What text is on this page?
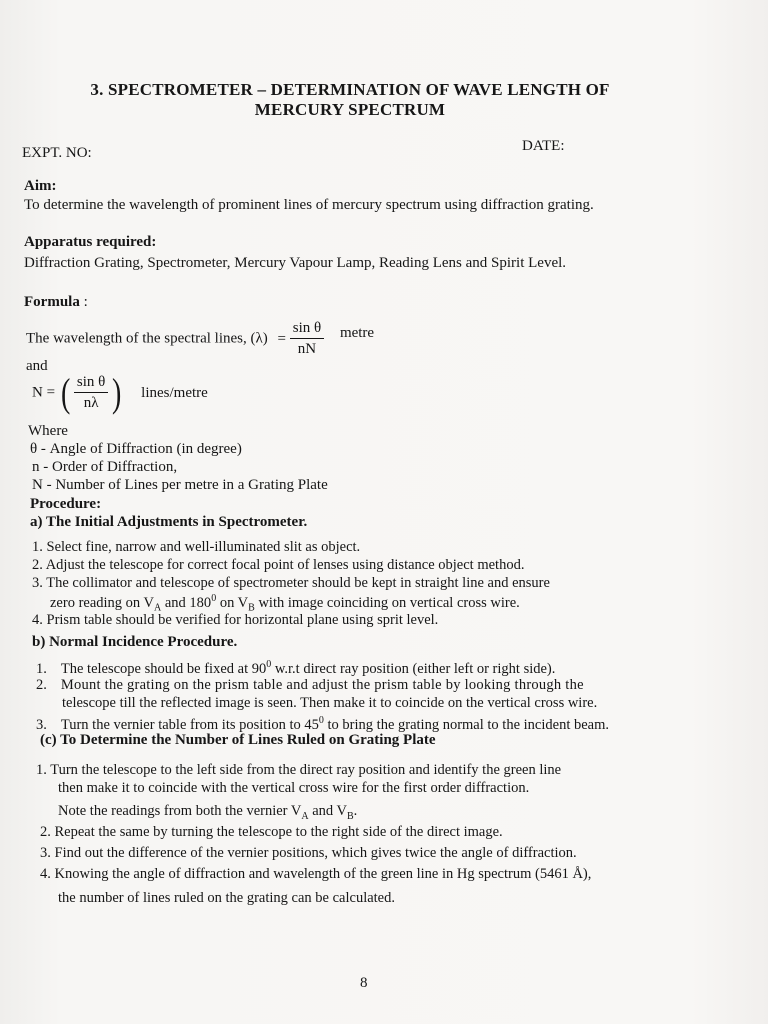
3. SPECTROMETER – DETERMINATION OF WAVE LENGTH OF
MERCURY SPECTRUM
EXPT. NO:	DATE:
Aim:
To determine the wavelength of prominent lines of mercury spectrum using diffraction grating.
Apparatus required:
Diffraction Grating, Spectrometer, Mercury Vapour Lamp, Reading Lens and Spirit Level.
Formula :
The wavelength of the spectral lines, $(\lambda) = \frac{\text{sin θ}}{nN}$ metre
and
N = ( $\frac{\text{sin θ}}{n\lambda}$ ) lines/metre
Where
θ - Angle of Diffraction (in degree)
n - Order of Diffraction,
N - Number of Lines per metre in a Grating Plate
Procedure:
a) The Initial Adjustments in Spectrometer.
1. Select fine, narrow and well-illuminated slit as object.
2. Adjust the telescope for correct focal point of lenses using distance object method.
3. The collimator and telescope of spectrometer should be kept in straight line and ensure
zero reading on $V_A$ and $180^0$ on $V_B$ with image coinciding on vertical cross wire.
4. Prism table should be verified for horizontal plane using sprit level.
b) Normal Incidence Procedure.
1. The telescope should be fixed at $90^0$ w.r.t direct ray position (either left or right side).
2. Mount the grating on the prism table and adjust the prism table by looking through the
telescope till the reflected image is seen. Then make it to coincide on the vertical cross wire.
3. Turn the vernier table from its position to $45^0$ to bring the grating normal to the incident beam.
(c) To Determine the Number of Lines Ruled on Grating Plate
1. Turn the telescope to the left side from the direct ray position and identify the green line
then make it to coincide with the vertical cross wire for the first order diffraction.
Note the readings from both the vernier $V_A$ and $V_B$.
2. Repeat the same by turning the telescope to the right side of the direct image.
3. Find out the difference of the vernier positions, which gives twice the angle of diffraction.
4. Knowing the angle of diffraction and wavelength of the green line in Hg spectrum (5461 Å),
the number of lines ruled on the grating can be calculated.
8
